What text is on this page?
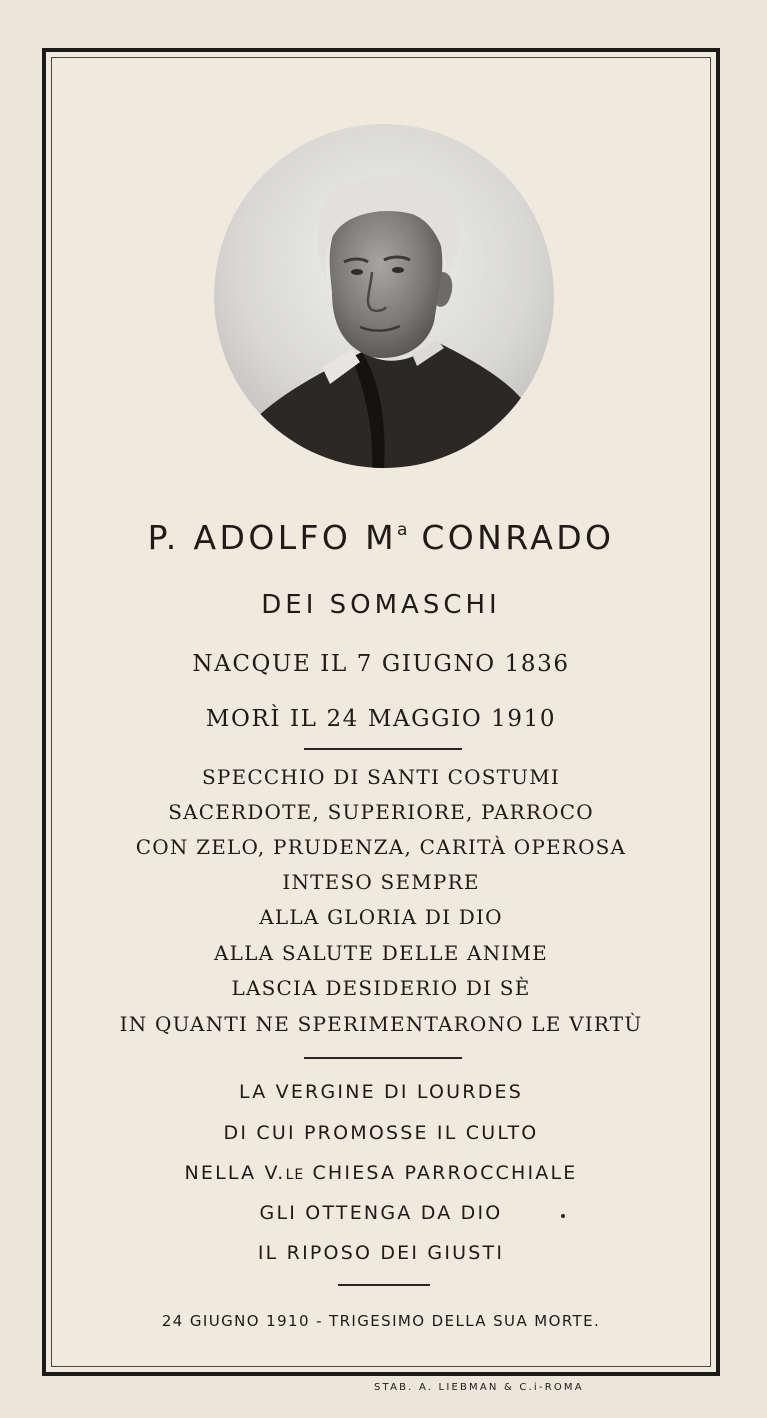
P. ADOLFO $M^a$ CONRADO
DEI SOMASCHI
NACQUE IL 7 GIUGNO 1836
MORÌ IL 24 MAGGIO 1910
SPECCHIO DI SANTI COSTUMI
SACERDOTE, SUPERIORE, PARROCO
CON ZELO, PRUDENZA, CARITÀ OPEROSA
INTESO SEMPRE
ALLA GLORIA DI DIO
ALLA SALUTE DELLE ANIME
LASCIA DESIDERIO DI SÈ
IN QUANTI NE SPERIMENTARONO LE VIRTÙ
LA VERGINE DI LOURDES
DI CUI PROMOSSE IL CULTO
NELLA V.LE CHIESA PARROCCHIALE
GLI OTTENGA DA DIO
IL RIPOSO DEI GIUSTI
24 GIUGNO 1910 - TRIGESIMO DELLA SUA MORTE.
STAB. A. LIEBMAN & C.i-ROMA
